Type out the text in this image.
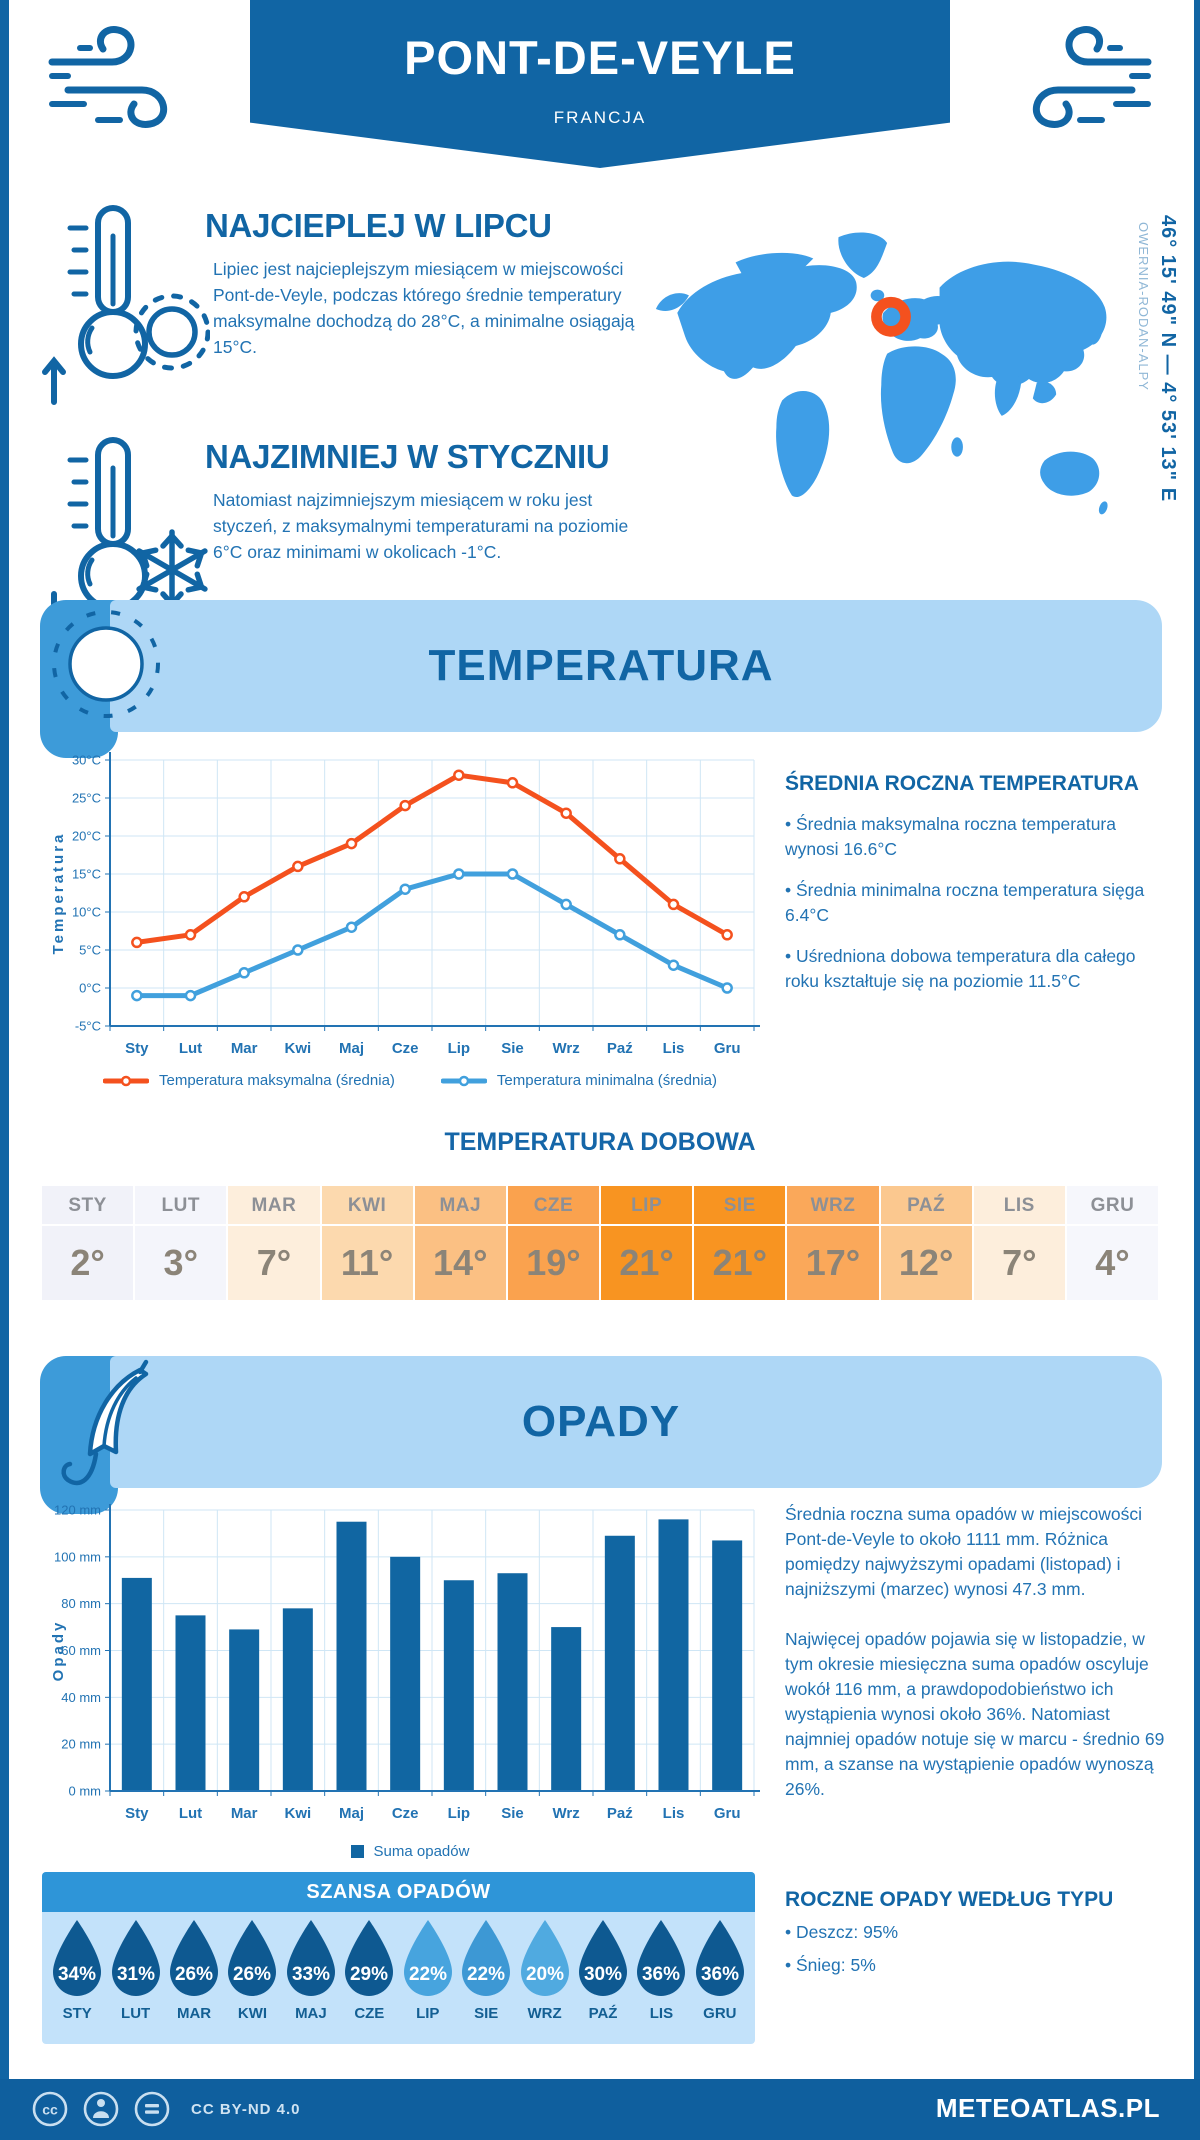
PONT-DE-VEYLE
FRANCJA
NAJCIEPLEJ W LIPCU
Lipiec jest najcieplejszym miesiącem w miejscowości Pont-de-Veyle, podczas którego średnie temperatury maksymalne dochodzą do 28°C, a minimalne osiągają 15°C.
NAJZIMNIEJ W STYCZNIU
Natomiast najzimniejszym miesiącem w roku jest styczeń, z maksymalnymi temperaturami na poziomie 6°C oraz minimami w okolicach -1°C.
46° 15' 49" N — 4° 53' 13" E
OWERNIA-RODAN-ALPY
TEMPERATURA
-5°C
0°C
5°C
10°C
15°C
20°C
25°C
30°C
Sty Lut Mar Kwi Maj Cze Lip Sie Wrz Paź Lis Gru
Temperatura
Temperatura maksymalna (średnia)	Temperatura minimalna (średnia)
ŚREDNIA ROCZNA TEMPERATURA
• Średnia maksymalna roczna temperatura wynosi 16.6°C
• Średnia minimalna roczna temperatura sięga 6.4°C
• Uśredniona dobowa temperatura dla całego roku kształtuje się na poziomie 11.5°C
TEMPERATURA DOBOWA
STY	LUT	MAR	KWI	MAJ	CZE	LIP	SIE	WRZ	PAŹ	LIS	GRU
2°	3°	7°	11°	14°	19°	21°	21°	17°	12°	7°	4°
OPADY
0 mm
20 mm
40 mm
60 mm
80 mm
100 mm
120 mm
Sty Lut Mar Kwi Maj Cze Lip Sie Wrz Paź Lis Gru
Opady
Suma opadów
Średnia roczna suma opadów w miejscowości Pont-de-Veyle to około 1111 mm. Różnica pomiędzy najwyższymi opadami (listopad) i najniższymi (marzec) wynosi 47.3 mm.
Najwięcej opadów pojawia się w listopadzie, w tym okresie miesięczna suma opadów oscyluje wokół 116 mm, a prawdopodobieństwo ich wystąpienia wynosi około 36%. Natomiast najmniej opadów notuje się w marcu - średnio 69 mm, a szanse na wystąpienie opadów wynoszą 26%.
ROCZNE OPADY WEDŁUG TYPU
• Deszcz: 95%
• Śnieg: 5%
SZANSA OPADÓW
34%
STY
31%
LUT
26%
MAR
26%
KWI
33%
MAJ
29%
CZE
22%
LIP
22%
SIE
20%
WRZ
30%
PAŹ
36%
LIS
36%
GRU
cc	CC BY-ND 4.0	METEOATLAS.PL
